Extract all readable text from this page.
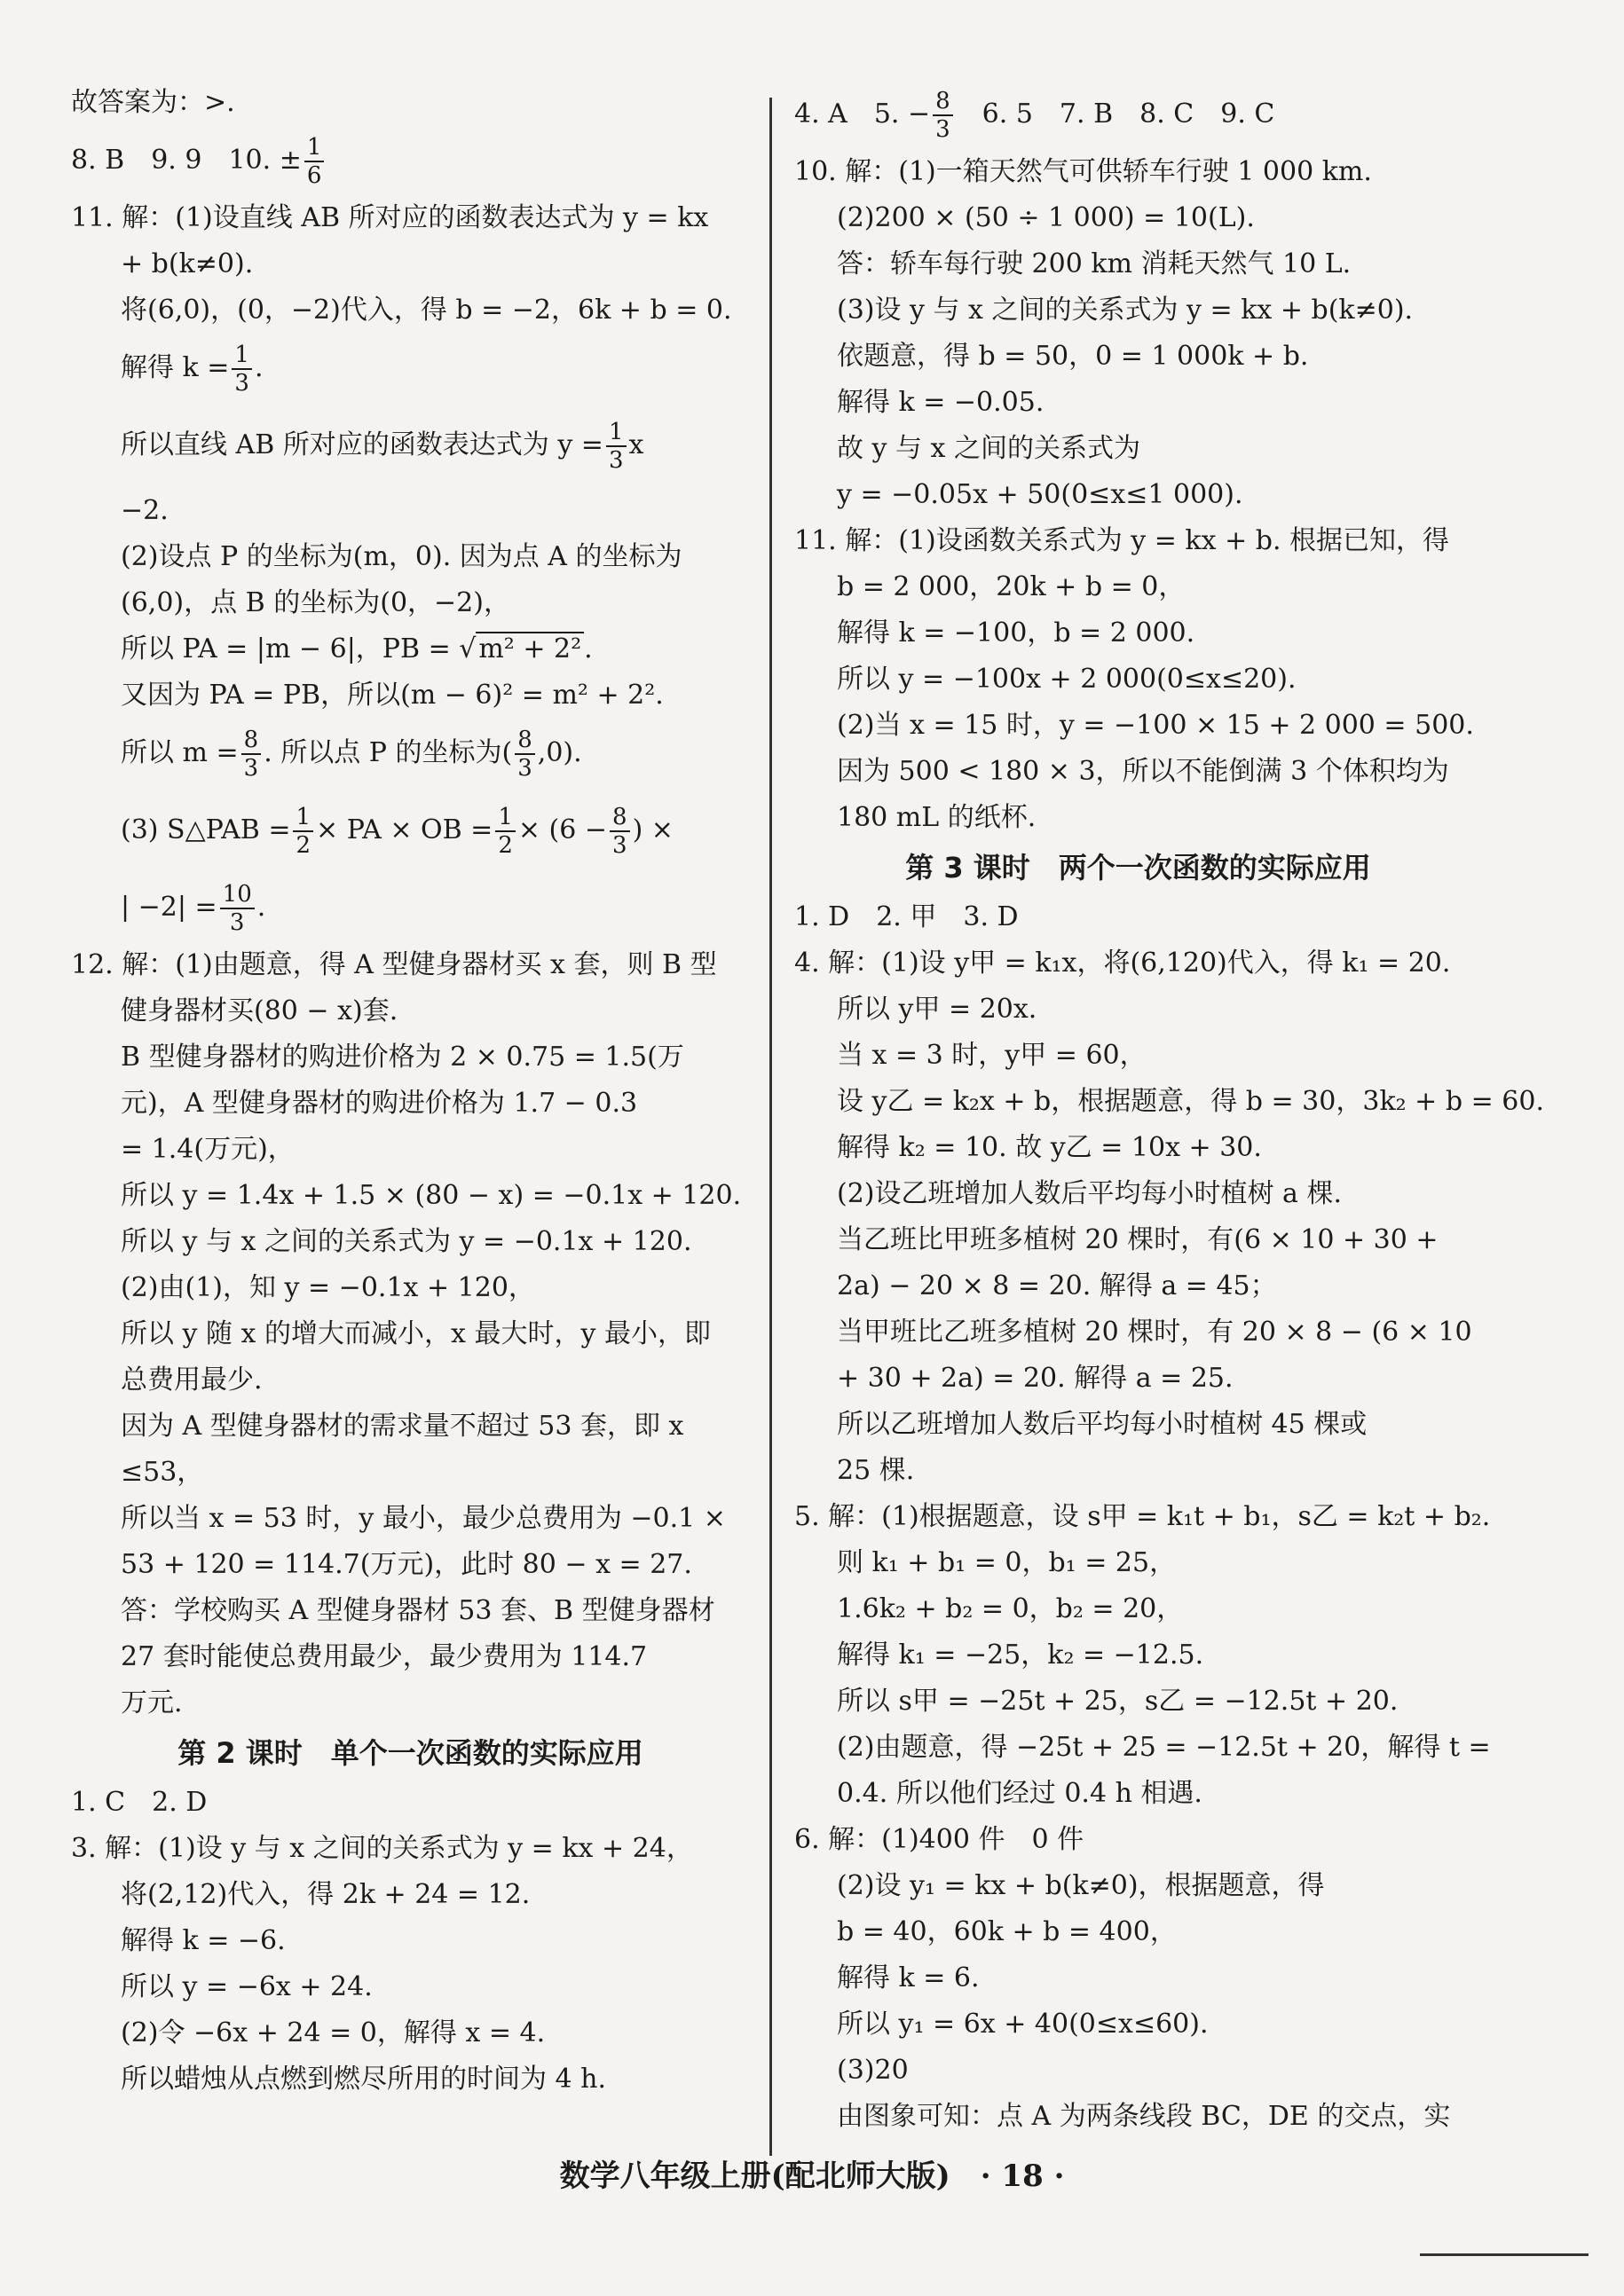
故答案为：>.
8. B　9. 9　10. ± $\frac{1}{6}$
11. 解：(1)设直线 AB 所对应的函数表达式为 y = kx
+ b(k≠0).
将(6,0)，(0，−2)代入，得 b = −2，6k + b = 0.
解得 $k = \frac{1}{3}$ .
所以直线 AB 所对应的函数表达式为 $y = \frac{1}{3}$ x
−2.
(2)设点 P 的坐标为(m，0). 因为点 A 的坐标为
(6,0)，点 B 的坐标为(0，−2)，
所以 PA = |m − 6|，PB = √ m² + 2² .
又因为 PA = PB，所以(m − 6)² = m² + 2².
所以 $m = \frac{8}{3}$ . 所以点 P 的坐标为( $\frac{8}{3} ,0$).
(3) S△PAB = $\frac{1}{2}$ × PA × OB = $\frac{1}{2} \times (6 - \frac{8}{3}$ ) ×
| $-2| = \frac{10}{3}$ .
12. 解：(1)由题意，得 A 型健身器材买 x 套，则 B 型
健身器材买(80 − x)套.
B 型健身器材的购进价格为 2 × 0.75 = 1.5(万
元)，A 型健身器材的购进价格为 1.7 − 0.3
= 1.4(万元)，
所以 y = 1.4x + 1.5 × (80 − x) = −0.1x + 120.
所以 y 与 x 之间的关系式为 y = −0.1x + 120.
(2)由(1)，知 y = −0.1x + 120，
所以 y 随 x 的增大而减小，x 最大时，y 最小，即
总费用最少.
因为 A 型健身器材的需求量不超过 53 套，即 x
≤53，
所以当 x = 53 时，y 最小，最少总费用为 −0.1 ×
53 + 120 = 114.7(万元)，此时 80 − x = 27.
答：学校购买 A 型健身器材 53 套、B 型健身器材
27 套时能使总费用最少，最少费用为 114.7
万元.
第 2 课时　单个一次函数的实际应用
1. C　2. D
3. 解：(1)设 y 与 x 之间的关系式为 y = kx + 24，
将(2,12)代入，得 2k + 24 = 12.
解得 k = −6.
所以 y = −6x + 24.
(2)令 −6x + 24 = 0，解得 x = 4.
所以蜡烛从点燃到燃尽所用的时间为 4 h.
4. A　5. − $\frac{8}{3}$
　 6. 5　7. B　8. C　9. C
10. 解：(1)一箱天然气可供轿车行驶 1 000 km.
(2)200 × (50 ÷ 1 000) = 10(L).
答：轿车每行驶 200 km 消耗天然气 10 L.
(3)设 y 与 x 之间的关系式为 y = kx + b(k≠0).
依题意，得 b = 50，0 = 1 000k + b.
解得 k = −0.05.
故 y 与 x 之间的关系式为
y = −0.05x + 50(0≤x≤1 000).
11. 解：(1)设函数关系式为 y = kx + b. 根据已知，得
b = 2 000，20k + b = 0，
解得 k = −100，b = 2 000.
所以 y = −100x + 2 000(0≤x≤20).
(2)当 x = 15 时，y = −100 × 15 + 2 000 = 500.
因为 500 < 180 × 3，所以不能倒满 3 个体积均为
180 mL 的纸杯.
第 3 课时　两个一次函数的实际应用
1. D　2. 甲　3. D
4. 解：(1)设 y甲 = k₁x，将(6,120)代入，得 k₁ = 20.
所以 y甲 = 20x.
当 x = 3 时，y甲 = 60，
设 y乙 = k₂x + b，根据题意，得 b = 30，3k₂ + b = 60.
解得 k₂ = 10. 故 y乙 = 10x + 30.
(2)设乙班增加人数后平均每小时植树 a 棵.
当乙班比甲班多植树 20 棵时，有(6 × 10 + 30 +
2a) − 20 × 8 = 20. 解得 a = 45；
当甲班比乙班多植树 20 棵时，有 20 × 8 − (6 × 10
+ 30 + 2a) = 20. 解得 a = 25.
所以乙班增加人数后平均每小时植树 45 棵或
25 棵.
5. 解：(1)根据题意，设 s甲 = k₁t + b₁，s乙 = k₂t + b₂.
则 k₁ + b₁ = 0，b₁ = 25，
1.6k₂ + b₂ = 0，b₂ = 20，
解得 k₁ = −25，k₂ = −12.5.
所以 s甲 = −25t + 25，s乙 = −12.5t + 20.
(2)由题意，得 −25t + 25 = −12.5t + 20，解得 t =
0.4. 所以他们经过 0.4 h 相遇.
6. 解：(1)400 件　0 件
(2)设 y₁ = kx + b(k≠0)，根据题意，得
b = 40，60k + b = 400，
解得 k = 6.
所以 y₁ = 6x + 40(0≤x≤60).
(3)20
由图象可知：点 A 为两条线段 BC，DE 的交点，实
数学八年级上册(配北师大版)　· 18 ·
